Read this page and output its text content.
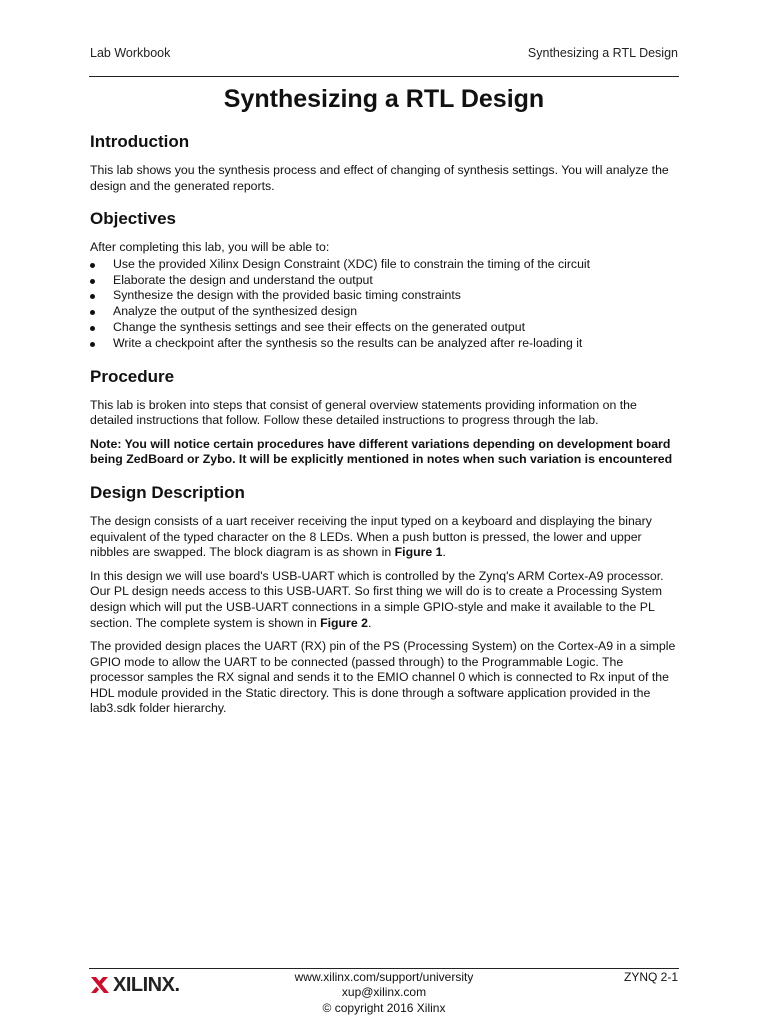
Lab Workbook	Synthesizing a RTL Design
Synthesizing a RTL Design
Introduction

This lab shows you the synthesis process and effect of changing of synthesis settings. You will analyze the design and the generated reports.

Objectives

After completing this lab, you will be able to:

Use the provided Xilinx Design Constraint (XDC) file to constrain the timing of the circuit
Elaborate the design and understand the output
Synthesize the design with the provided basic timing constraints
Analyze the output of the synthesized design
Change the synthesis settings and see their effects on the generated output
Write a checkpoint after the synthesis so the results can be analyzed after re-loading it
Procedure

This lab is broken into steps that consist of general overview statements providing information on the detailed instructions that follow. Follow these detailed instructions to progress through the lab.

Note: You will notice certain procedures have different variations depending on development board being ZedBoard or Zybo. It will be explicitly mentioned in notes when such variation is encountered

Design Description

The design consists of a uart receiver receiving the input typed on a keyboard and displaying the binary equivalent of the typed character on the 8 LEDs. When a push button is pressed, the lower and upper nibbles are swapped. The block diagram is as shown in Figure 1.

In this design we will use board's USB-UART which is controlled by the Zynq's ARM Cortex-A9 processor. Our PL design needs access to this USB-UART. So first thing we will do is to create a Processing System design which will put the USB-UART connections in a simple GPIO-style and make it available to the PL section. The complete system is shown in Figure 2.

The provided design places the UART (RX) pin of the PS (Processing System) on the Cortex-A9 in a simple GPIO mode to allow the UART to be connected (passed through) to the Programmable Logic. The processor samples the RX signal and sends it to the EMIO channel 0 which is connected to Rx input of the HDL module provided in the Static directory. This is done through a software application provided in the lab3.sdk folder hierarchy.

XILINX.	www.xilinx.com/support/university
xup@xilinx.com
© copyright 2016 Xilinx
ZYNQ 2-1
